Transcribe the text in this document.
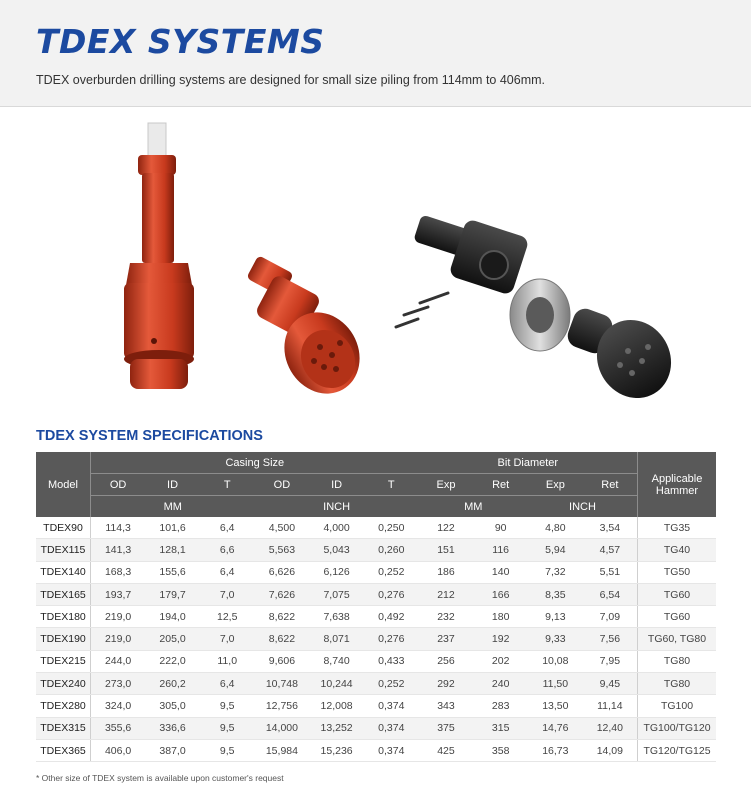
TDEX SYSTEMS
TDEX overburden drilling systems are designed for small size piling from 114mm to 406mm.
TDEX SYSTEM SPECIFICATIONS
Model	Casing Size						Bit Diameter				Applicable Hammer
	OD	ID	T	OD	ID	T	Exp	Ret	Exp	Ret	
	MM			INCH			MM		INCH		
TDEX90	114,3	101,6	6,4	4,500	4,000	0,250	122	90	4,80	3,54	TG35
TDEX115	141,3	128,1	6,6	5,563	5,043	0,260	151	116	5,94	4,57	TG40
TDEX140	168,3	155,6	6,4	6,626	6,126	0,252	186	140	7,32	5,51	TG50
TDEX165	193,7	179,7	7,0	7,626	7,075	0,276	212	166	8,35	6,54	TG60
TDEX180	219,0	194,0	12,5	8,622	7,638	0,492	232	180	9,13	7,09	TG60
TDEX190	219,0	205,0	7,0	8,622	8,071	0,276	237	192	9,33	7,56	TG60, TG80
TDEX215	244,0	222,0	11,0	9,606	8,740	0,433	256	202	10,08	7,95	TG80
TDEX240	273,0	260,2	6,4	10,748	10,244	0,252	292	240	11,50	9,45	TG80
TDEX280	324,0	305,0	9,5	12,756	12,008	0,374	343	283	13,50	11,14	TG100
TDEX315	355,6	336,6	9,5	14,000	13,252	0,374	375	315	14,76	12,40	TG100/TG120
TDEX365	406,0	387,0	9,5	15,984	15,236	0,374	425	358	16,73	14,09	TG120/TG125
* Other size of TDEX system is available upon customer's request
